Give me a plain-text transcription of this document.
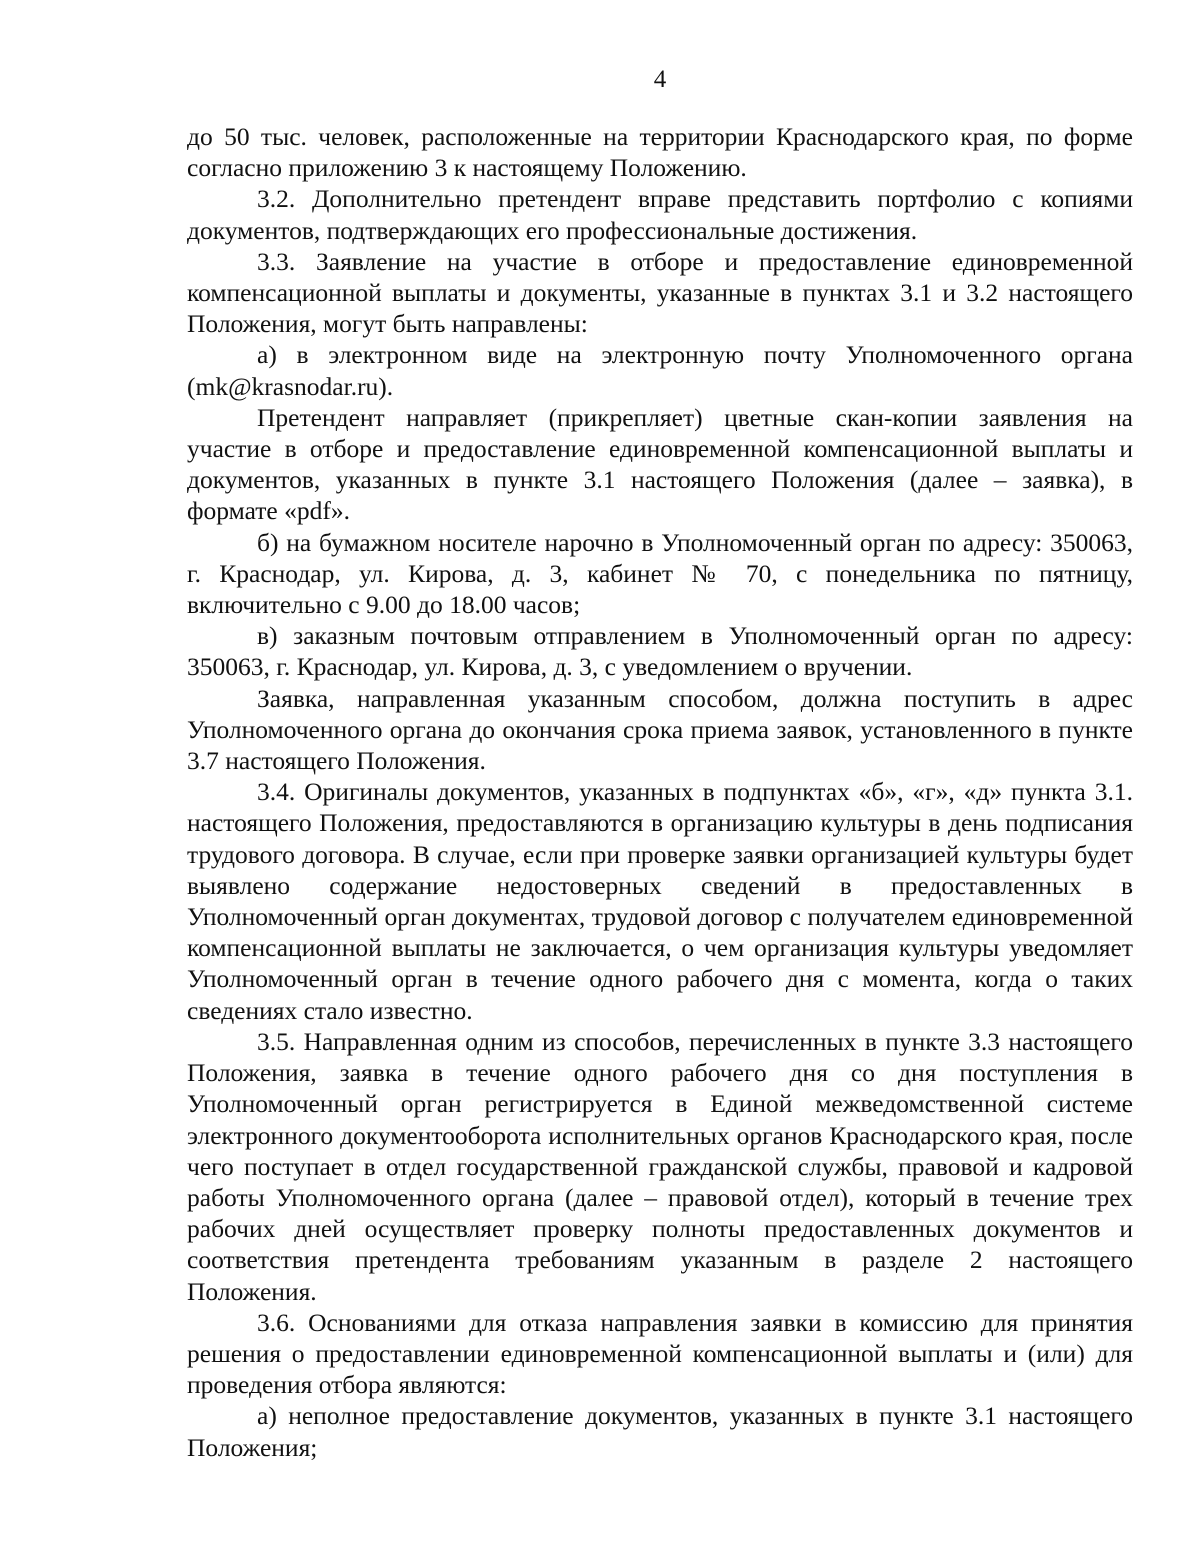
4

до 50 тыс. человек, расположенные на территории Краснодарского края, по форме согласно приложению 3 к настоящему Положению.

3.2. Дополнительно претендент вправе представить портфолио с копиями документов, подтверждающих его профессиональные достижения.

3.3. Заявление на участие в отборе и предоставление единовременной компенсационной выплаты и документы, указанные в пунктах 3.1 и 3.2 настоящего Положения, могут быть направлены:

а) в электронном виде на электронную почту Уполномоченного органа (mk@krasnodar.ru).

Претендент направляет (прикрепляет) цветные скан-копии заявления на участие в отборе и предоставление единовременной компенсационной выплаты и документов, указанных в пункте 3.1 настоящего Положения (далее – заявка), в формате «pdf».

б) на бумажном носителе нарочно в Уполномоченный орган по адресу: 350063, г. Краснодар, ул. Кирова, д. 3, кабинет № 70, с понедельника по пятницу, включительно с 9.00 до 18.00 часов;

в) заказным почтовым отправлением в Уполномоченный орган по адресу: 350063, г. Краснодар, ул. Кирова, д. 3, с уведомлением о вручении.

Заявка, направленная указанным способом, должна поступить в адрес Уполномоченного органа до окончания срока приема заявок, установленного в пункте 3.7 настоящего Положения.

3.4. Оригиналы документов, указанных в подпунктах «б», «г», «д» пункта 3.1. настоящего Положения, предоставляются в организацию культуры в день подписания трудового договора. В случае, если при проверке заявки организацией культуры будет выявлено содержание недостоверных сведений в предоставленных в Уполномоченный орган документах, трудовой договор с получателем единовременной компенсационной выплаты не заключается, о чем организация культуры уведомляет Уполномоченный орган в течение одного рабочего дня с момента, когда о таких сведениях стало известно.

3.5. Направленная одним из способов, перечисленных в пункте 3.3 настоящего Положения, заявка в течение одного рабочего дня со дня поступления в Уполномоченный орган регистрируется в Единой межведомственной системе электронного документооборота исполнительных органов Краснодарского края, после чего поступает в отдел государственной гражданской службы, правовой и кадровой работы Уполномоченного органа (далее – правовой отдел), который в течение трех рабочих дней осуществляет проверку полноты предоставленных документов и соответствия претендента требованиям указанным в разделе 2 настоящего Положения.

3.6. Основаниями для отказа направления заявки в комиссию для принятия решения о предоставлении единовременной компенсационной выплаты и (или) для проведения отбора являются:

а) неполное предоставление документов, указанных в пункте 3.1 настоящего Положения;
